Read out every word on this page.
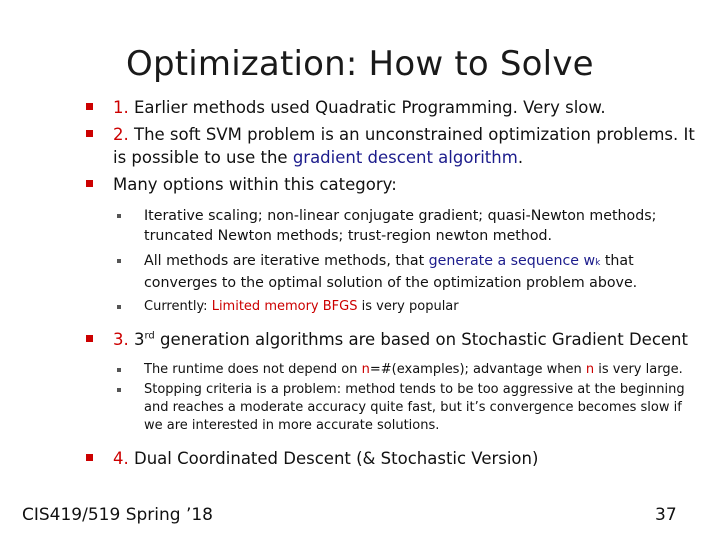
Optimization: How to Solve
1. Earlier methods used Quadratic Programming. Very slow.
2. The soft SVM problem is an unconstrained optimization problems. It is possible to use the gradient descent algorithm.
Many options within this category:
Iterative scaling; non-linear conjugate gradient; quasi-Newton methods; truncated Newton methods; trust-region newton method.
All methods are iterative methods, that generate a sequence wk that converges to the optimal solution of the optimization problem above.
Currently: Limited memory BFGS is very popular
3. 3rd generation algorithms are based on Stochastic Gradient Decent
The runtime does not depend on n=#(examples); advantage when n is very large.
Stopping criteria is a problem: method tends to be too aggressive at the beginning and reaches a moderate accuracy quite fast, but it’s convergence becomes slow if we are interested in more accurate solutions.
4. Dual Coordinated Descent (& Stochastic Version)
CIS419/519 Spring ’18	37
